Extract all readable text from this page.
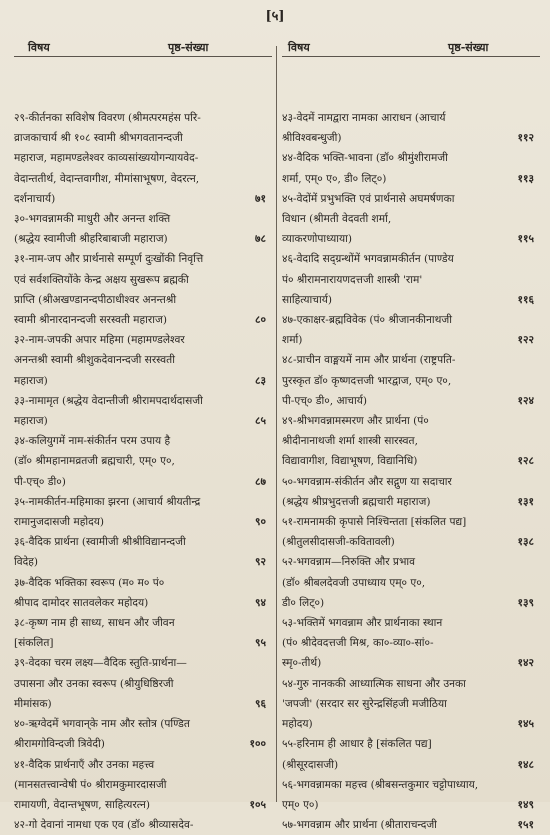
[५]
विषय	पृष्ठ-संख्या	विषय	पृष्ठ-संख्या
२९-कीर्तनका सविशेष विवरण (श्रीमत्परमहंस परि-
व्राजकाचार्य श्री १०८ स्वामी श्रीभगवतानन्दजी
महाराज, महामण्डलेश्वर काव्यसांख्ययोगन्यायवेद-
वेदान्ततीर्थ, वेदान्तवागीश, मीमांसाभूषण, वेदरत्न,
दर्शनाचार्य)	७१
३०-भगवन्नामकी माधुरी और अनन्त शक्ति
(श्रद्धेय स्वामीजी श्रीहरिबाबाजी महाराज)	७८
३१-नाम-जप और प्रार्थनासे सम्पूर्ण दुःखोंकी निवृत्ति
एवं सर्वशक्तियोंके केन्द्र अक्षय सुखरूप ब्रह्मकी
प्राप्ति (श्रीअखण्डानन्दपीठाधीश्वर अनन्तश्री
स्वामी श्रीनारदानन्दजी सरस्वती महाराज)	८०
३२-नाम-जपकी अपार महिमा (महामण्डलेश्वर
अनन्तश्री स्वामी श्रीशुकदेवानन्दजी सरस्वती
महाराज)	८३
३३-नामामृत (श्रद्धेय वेदान्तीजी श्रीरामपदार्थदासजी
महाराज)	८५
३४-कलियुगमें नाम-संकीर्तन परम उपाय है
(डॉ० श्रीमहानामव्रतजी ब्रह्मचारी, एम्० ए०,
पी-एच्० डी०)	८७
३५-नामकीर्तन-महिमाका झरना (आचार्य श्रीयतीन्द्र
रामानुजदासजी महोदय)	९०
३६-वैदिक प्रार्थना (स्वामीजी श्रीश्रीविद्यानन्दजी
विदेह)	९२
३७-वैदिक भक्तिका स्वरूप (म० म० पं०
श्रीपाद दामोदर सातवलेकर महोदय)	९४
३८-कृष्ण नाम ही साध्य, साधन और जीवन
[संकलित]	९५
३९-वेदका चरम लक्ष्य—वैदिक स्तुति-प्रार्थना—
उपासना और उनका स्वरूप (श्रीयुधिष्ठिरजी
मीमांसक)	९६
४०-ऋग्वेदमें भगवान्‌के नाम और स्तोत्र (पण्डित
श्रीरामगोविन्दजी त्रिवेदी)	१००
४१-वैदिक प्रार्थनाएँ और उनका महत्त्व
(मानसतत्त्वान्वेषी पं० श्रीरामकुमारदासजी
रामायणी, वेदान्तभूषण, साहित्यरत्न)	१०५
४२-गो देवानां नामधा एक एव (डॉ० श्रीव्यासदेव-
४३-वेदमें नामद्वारा नामका आराधन (आचार्य
श्रीविश्वबन्धुजी)	११२
४४-वैदिक भक्ति-भावना (डॉ० श्रीमुंशीरामजी
शर्मा, एम्० ए०, डी० लिट्०)	११३
४५-वेदोंमें प्रभुभक्ति एवं प्रार्थनासे अघमर्षणका
विधान (श्रीमती वेदवती शर्मा,
व्याकरणोपाध्याया)	११५
४६-वेदादि सद्ग्रन्थोंमें भगवन्नामकीर्तन (पाण्डेय
पं० श्रीरामनारायणदत्तजी शास्त्री 'राम'
साहित्याचार्य)	११६
४७-एकाक्षर-ब्रह्मविवेक (पं० श्रीजानकीनाथजी
शर्मा)	१२२
४८-प्राचीन वाङ्मयमें नाम और प्रार्थना (राष्ट्रपति-
पुरस्कृत डॉ० कृष्णदत्तजी भारद्वाज, एम्० ए०,
पी-एच्० डी०, आचार्य)	१२४
४९-श्रीभगवन्नामस्मरण और प्रार्थना (पं०
श्रीदीनानाथजी शर्मा शास्त्री सारस्वत,
विद्यावागीश, विद्याभूषण, विद्यानिधि)	१२८
५०-भगवन्नाम-संकीर्तन और सद्गुण या सदाचार
(श्रद्धेय श्रीप्रभुदत्तजी ब्रह्मचारी महाराज)	१३१
५१-रामनामकी कृपासे निश्चिन्तता [संकलित पद्य]
(श्रीतुलसीदासजी-कवितावली)	१३८
५२-भगवन्नाम—निरुक्ति और प्रभाव
(डॉ० श्रीबलदेवजी उपाध्याय एम्० ए०,
डी० लिट्०)	१३९
५३-भक्तिमें भगवन्नाम और प्रार्थनाका स्थान
(पं० श्रीदेवदत्तजी मिश्र, का०-व्या०-सां०-
स्मृ०-तीर्थ)	१४२
५४-गुरु नानककी आध्यात्मिक साधना और उनका
'जपजी' (सरदार सर सुरेन्द्रसिंहजी मजीठिया
महोदय)	१४५
५५-हरिनाम ही आधार है [संकलित पद्य]
(श्रीसूरदासजी)	१४८
५६-भगवन्नामका महत्त्व (श्रीबसन्तकुमार चट्टोपाध्याय,
एम्० ए०)	१४९
५७-भगवन्नाम और प्रार्थना (श्रीताराचन्दजी	१५१
